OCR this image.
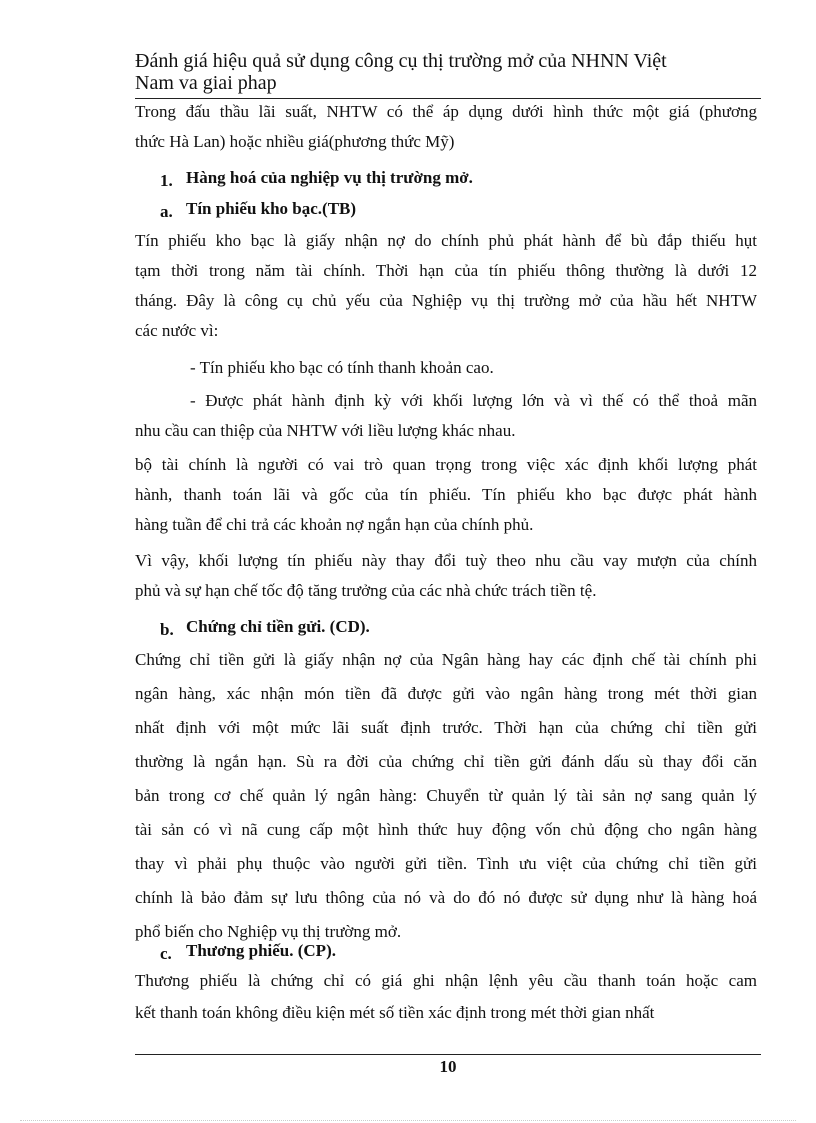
Đánh giá hiệu quả sử dụng công cụ thị trường mở của NHNN Việt
Nam va giai phap
Trong đấu thầu lãi suất, NHTW có thể áp dụng dưới hình thức một giá (phương
thức Hà Lan) hoặc nhiều giá(phương thức Mỹ)
1. Hàng hoá của nghiệp vụ thị trường mở.
a. Tín phiếu kho bạc.(TB)
Tín phiếu kho bạc là giấy nhận nợ do chính phủ phát hành để bù đắp thiếu hụt
tạm thời trong năm tài chính. Thời hạn của tín phiếu thông thường là dưới 12
tháng. Đây là công cụ chủ yếu của Nghiệp vụ thị trường mở của hầu hết NHTW
các nước vì:
- Tín phiếu kho bạc có tính thanh khoản cao.
- Được phát hành định kỳ với khối lượng lớn và vì thế có thể thoả mãn
nhu cầu can thiệp của NHTW với liều lượng khác nhau.
bộ tài chính là người có vai trò quan trọng trong việc xác định khối lượng phát
hành, thanh toán lãi và gốc của tín phiếu. Tín phiếu kho bạc được phát hành
hàng tuần để chi trả các khoản nợ ngắn hạn của chính phủ.
Vì vậy, khối lượng tín phiếu này thay đổi tuỳ theo nhu cầu vay mượn của chính
phủ và sự hạn chế tốc độ tăng trưởng của các nhà chức trách tiền tệ.
b. Chứng chỉ tiền gửi. (CD).
Chứng chỉ tiền gửi là giấy nhận nợ của Ngân hàng hay các định chế tài chính phi
ngân hàng, xác nhận món tiền đã được gửi vào ngân hàng trong mét thời gian
nhất định với một mức lãi suất định trước. Thời hạn của chứng chỉ tiền gửi
thường là ngắn hạn. Sù ra đời của chứng chỉ tiền gửi đánh dấu sù thay đổi căn
bản trong cơ chế quản lý ngân hàng: Chuyển từ quản lý tài sản nợ sang quản lý
tài sản có vì nã cung cấp một hình thức huy động vốn chủ động cho ngân hàng
thay vì phải phụ thuộc vào người gửi tiền. Tình ưu việt của chứng chỉ tiền gửi
chính là bảo đảm sự lưu thông của nó và do đó nó được sử dụng như là hàng hoá
phổ biến cho Nghiệp vụ thị trường mở.
c. Thương phiếu. (CP).
Thương phiếu là chứng chỉ có giá ghi nhận lệnh yêu cầu thanh toán hoặc cam
kết thanh toán không điều kiện mét số tiền xác định trong mét thời gian nhất
10
